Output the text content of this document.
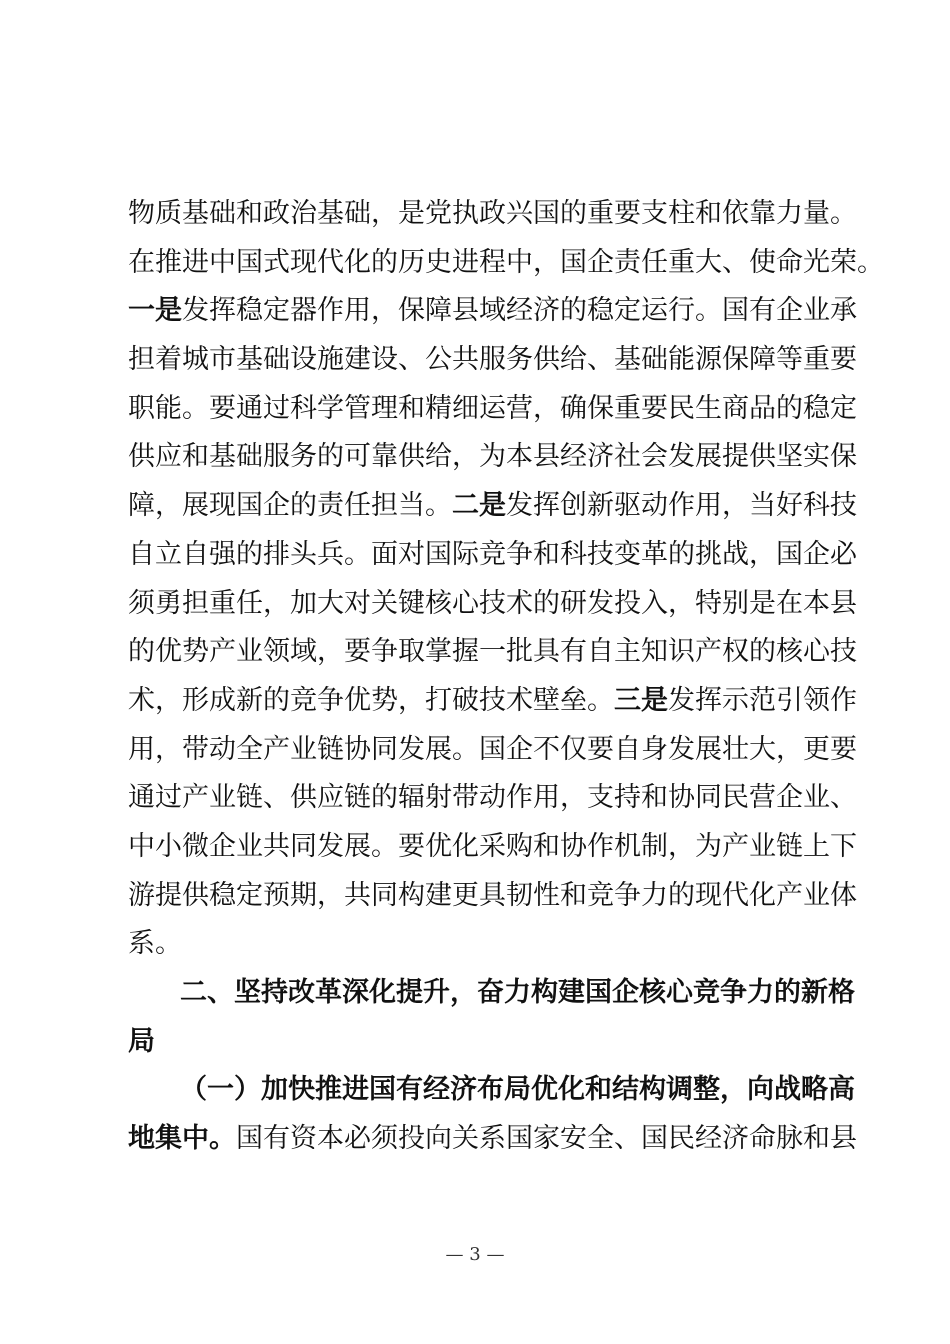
物质基础和政治基础，是党执政兴国的重要支柱和依靠力量。
在推进中国式现代化的历史进程中，国企责任重大、使命光荣。
一是发挥稳定器作用，保障县域经济的稳定运行。国有企业承
担着城市基础设施建设、公共服务供给、基础能源保障等重要
职能。要通过科学管理和精细运营，确保重要民生商品的稳定
供应和基础服务的可靠供给，为本县经济社会发展提供坚实保
障，展现国企的责任担当。二是发挥创新驱动作用，当好科技
自立自强的排头兵。面对国际竞争和科技变革的挑战，国企必
须勇担重任，加大对关键核心技术的研发投入，特别是在本县
的优势产业领域，要争取掌握一批具有自主知识产权的核心技
术，形成新的竞争优势，打破技术壁垒。三是发挥示范引领作
用，带动全产业链协同发展。国企不仅要自身发展壮大，更要
通过产业链、供应链的辐射带动作用，支持和协同民营企业、
中小微企业共同发展。要优化采购和协作机制，为产业链上下
游提供稳定预期，共同构建更具韧性和竞争力的现代化产业体
系。
二、坚持改革深化提升，奋力构建国企核心竞争力的新格
局
（一）加快推进国有经济布局优化和结构调整，向战略高
地集中。国有资本必须投向关系国家安全、国民经济命脉和县
— 3 —
